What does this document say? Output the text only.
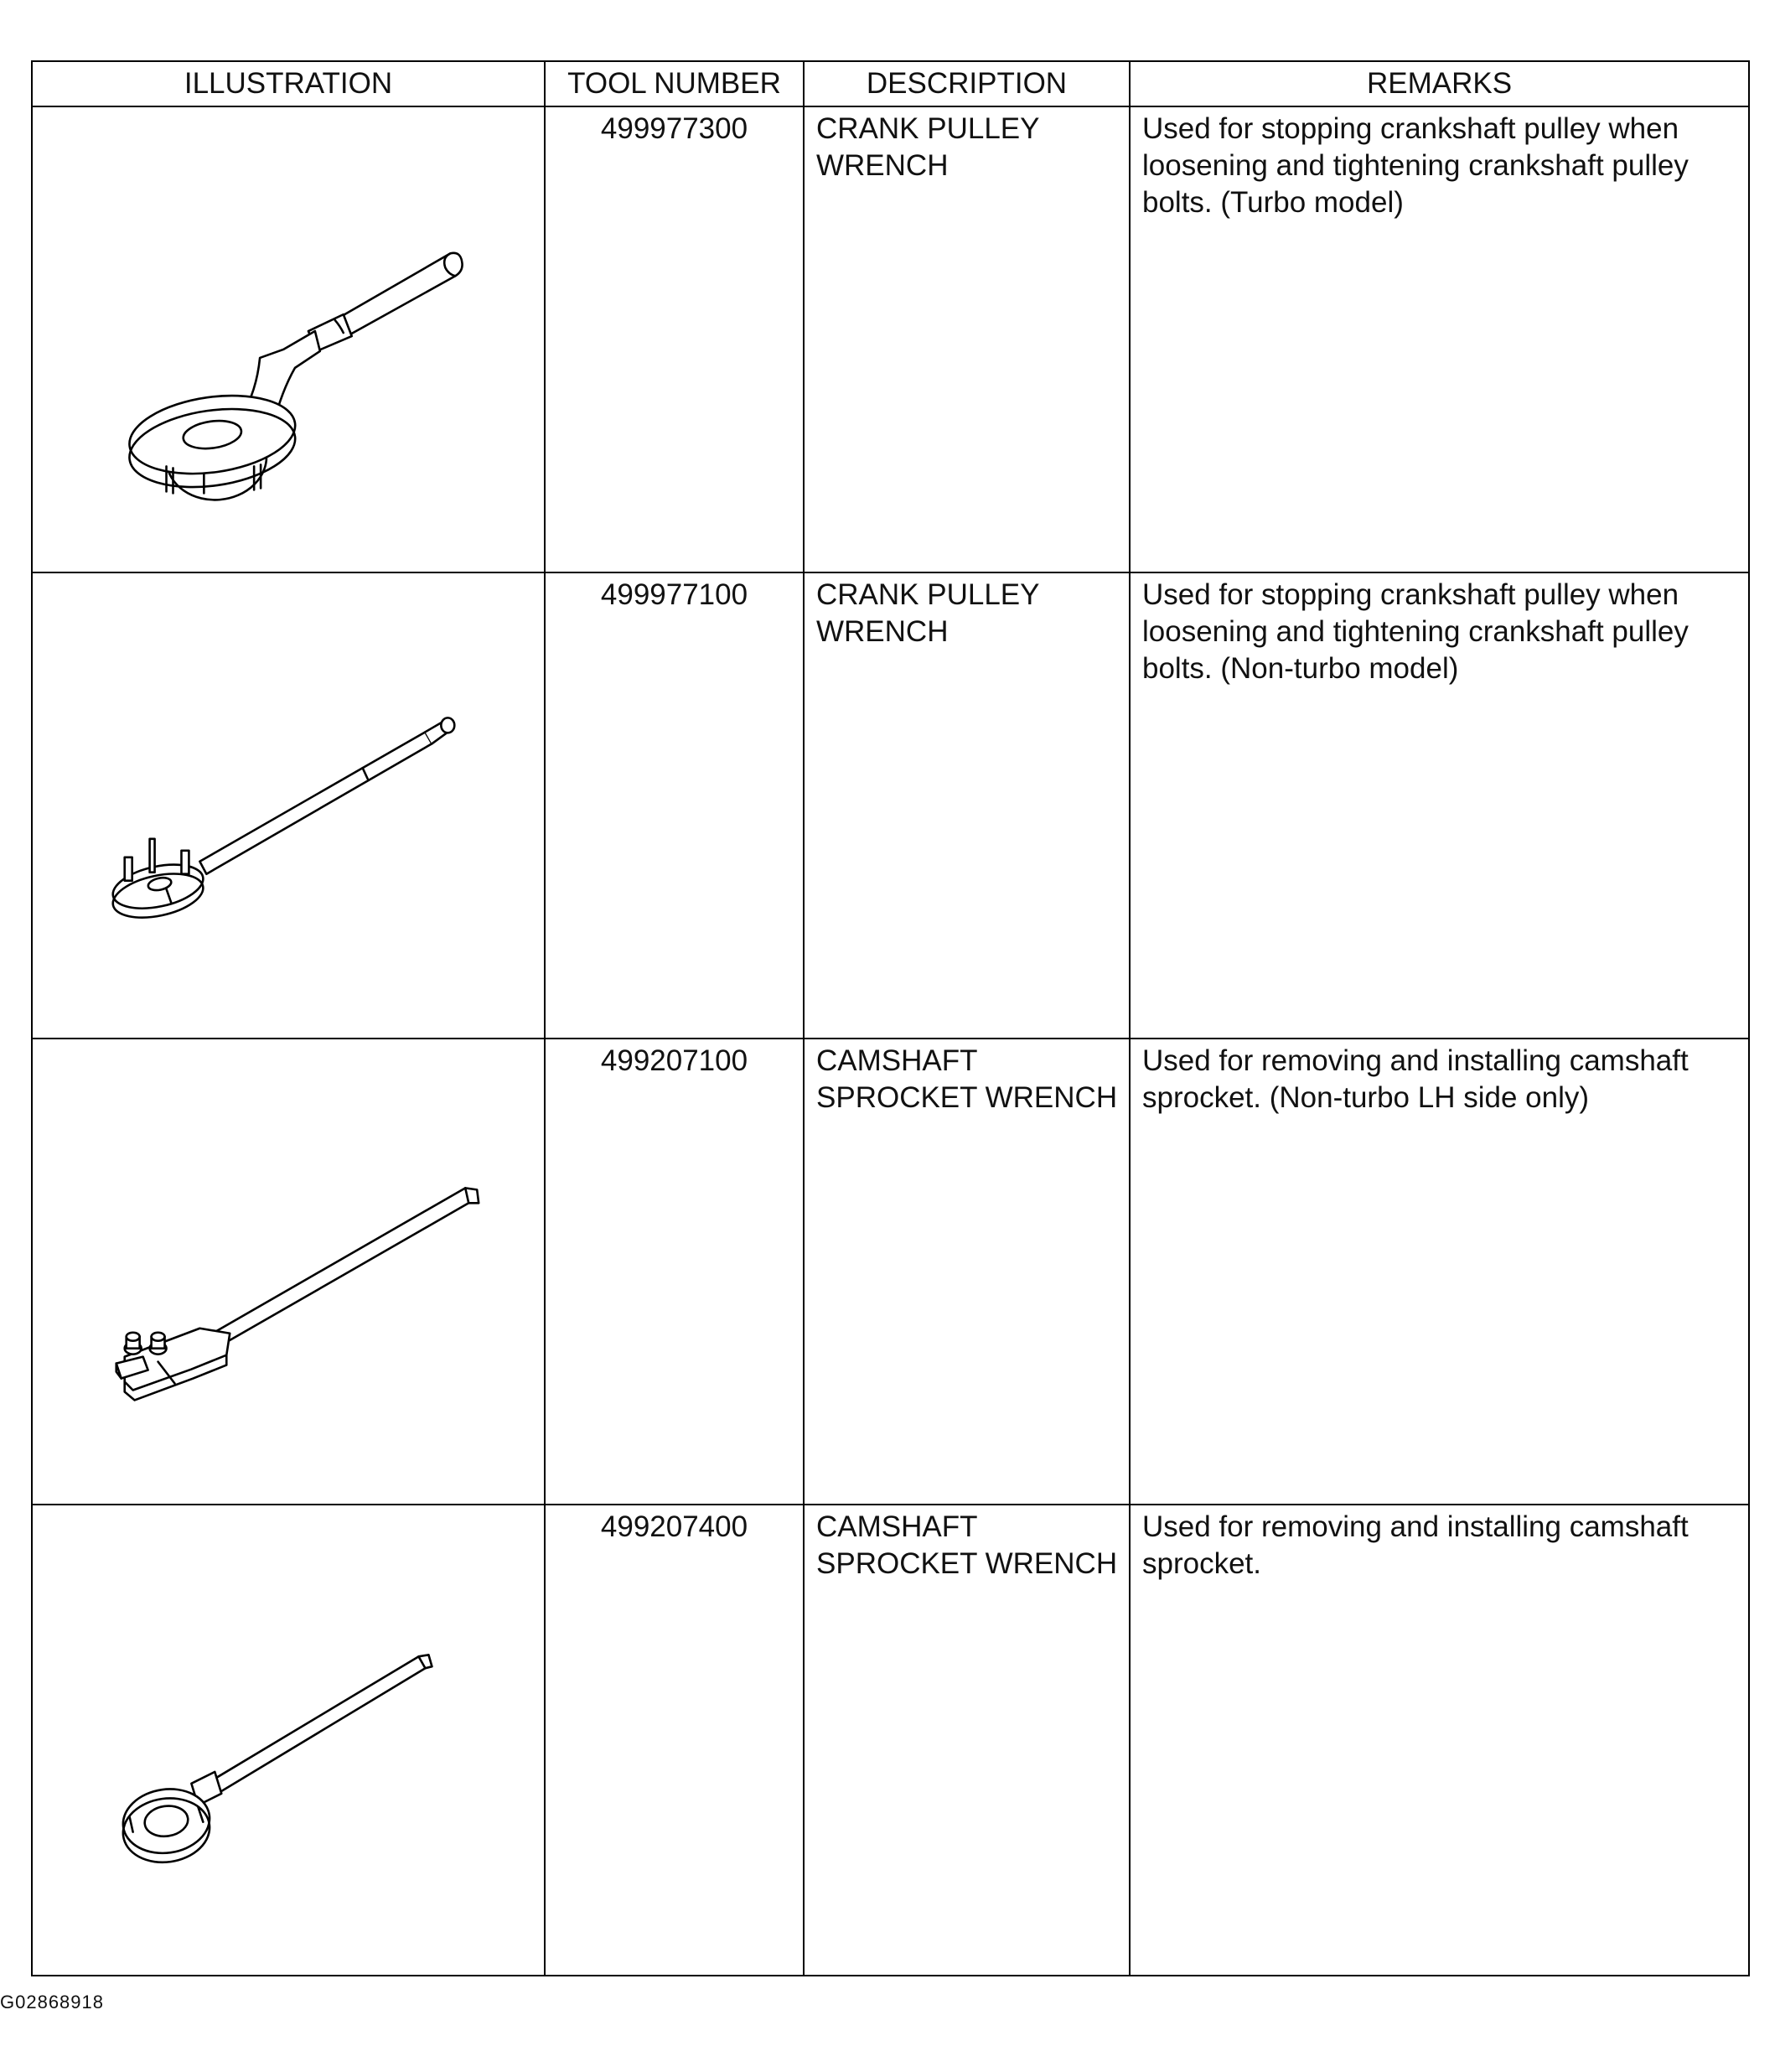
ILLUSTRATION	TOOL NUMBER	DESCRIPTION	REMARKS

	499977300	CRANK PULLEY WRENCH	Used for stopping crankshaft pulley when loosening and tightening crankshaft pulley bolts. (Turbo model)

	499977100	CRANK PULLEY WRENCH	Used for stopping crankshaft pulley when loosening and tightening crankshaft pulley bolts. (Non-turbo model)

	499207100	CAMSHAFT SPROCKET WRENCH	Used for removing and installing camshaft sprocket. (Non-turbo LH side only)

	499207400	CAMSHAFT SPROCKET WRENCH	Used for removing and installing camshaft sprocket.
G02868918
